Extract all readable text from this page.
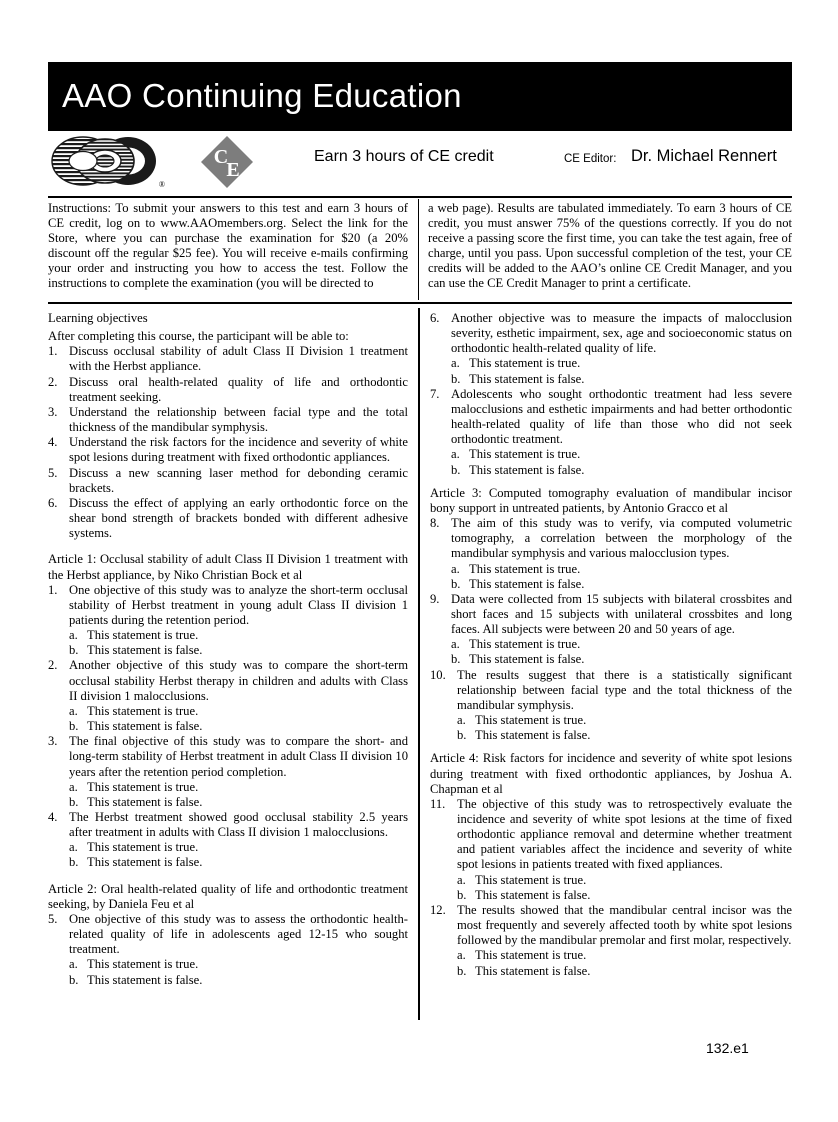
AAO Continuing Education
®
C
E
Earn 3 hours of CE credit	CE Editor: Dr. Michael Rennert
Instructions: To submit your answers to this test and earn 3 hours of CE credit, log on to www.AAOmembers.org. Select the link for the Store, where you can purchase the examination for $20 (a 20% discount off the regular $25 fee). You will receive e-mails confirming your order and instructing you how to access the test. Follow the instructions to complete the examination (you will be directed to
a web page). Results are tabulated immediately. To earn 3 hours of CE credit, you must answer 75% of the questions correctly. If you do not receive a passing score the first time, you can take the test again, free of charge, until you pass. Upon successful completion of the test, your CE credits will be added to the AAO’s online CE Credit Manager, and you can use the CE Credit Manager to print a certificate.

Learning objectives

After completing this course, the participant will be able to:

1. Discuss occlusal stability of adult Class II Division 1 treatment with the Herbst appliance.
2. Discuss oral health-related quality of life and orthodontic treatment seeking.
3. Understand the relationship between facial type and the total thickness of the mandibular symphysis.
4. Understand the risk factors for the incidence and severity of white spot lesions during treatment with fixed orthodontic appliances.
5. Discuss a new scanning laser method for debonding ceramic brackets.
6. Discuss the effect of applying an early orthodontic force on the shear bond strength of brackets bonded with different adhesive systems.

Article 1: Occlusal stability of adult Class II Division 1 treatment with the Herbst appliance, by Niko Christian Bock et al

1. One objective of this study was to analyze the short-term occlusal stability of Herbst treatment in young adult Class II division 1 patients during the retention period.
a. This statement is true.
b. This statement is false.
2. Another objective of this study was to compare the short-term occlusal stability Herbst therapy in children and adults with Class II division 1 malocclusions.
a. This statement is true.
b. This statement is false.
3. The final objective of this study was to compare the short- and long-term stability of Herbst treatment in adult Class II division 10 years after the retention period completion.
a. This statement is true.
b. This statement is false.
4. The Herbst treatment showed good occlusal stability 2.5 years after treatment in adults with Class II division 1 malocclusions.
a. This statement is true.
b. This statement is false.

Article 2: Oral health-related quality of life and orthodontic treatment seeking, by Daniela Feu et al

5. One objective of this study was to assess the orthodontic health-related quality of life in adolescents aged 12-15 who sought treatment.
a. This statement is true.
b. This statement is false.
6. Another objective was to measure the impacts of malocclusion severity, esthetic impairment, sex, age and socioeconomic status on orthodontic health-related quality of life.
a. This statement is true.
b. This statement is false.
7. Adolescents who sought orthodontic treatment had less severe malocclusions and esthetic impairments and had better orthodontic health-related quality of life than those who did not seek orthodontic treatment.
a. This statement is true.
b. This statement is false.

Article 3: Computed tomography evaluation of mandibular incisor bony support in untreated patients, by Antonio Gracco et al

8. The aim of this study was to verify, via computed volumetric tomography, a correlation between the morphology of the mandibular symphysis and various malocclusion types.
a. This statement is true.
b. This statement is false.
9. Data were collected from 15 subjects with bilateral crossbites and short faces and 15 subjects with unilateral crossbites and long faces. All subjects were between 20 and 50 years of age.
a. This statement is true.
b. This statement is false.
10. The results suggest that there is a statistically significant relationship between facial type and the total thickness of the mandibular symphysis.
a. This statement is true.
b. This statement is false.

Article 4: Risk factors for incidence and severity of white spot lesions during treatment with fixed orthodontic appliances, by Joshua A. Chapman et al

11. The objective of this study was to retrospectively evaluate the incidence and severity of white spot lesions at the time of fixed orthodontic appliance removal and determine whether treatment and patient variables affect the incidence and severity of white spot lesions in patients treated with fixed appliances.
a. This statement is true.
b. This statement is false.
12. The results showed that the mandibular central incisor was the most frequently and severely affected tooth by white spot lesions followed by the mandibular premolar and first molar, respectively.
a. This statement is true.
b. This statement is false.
132.e1
